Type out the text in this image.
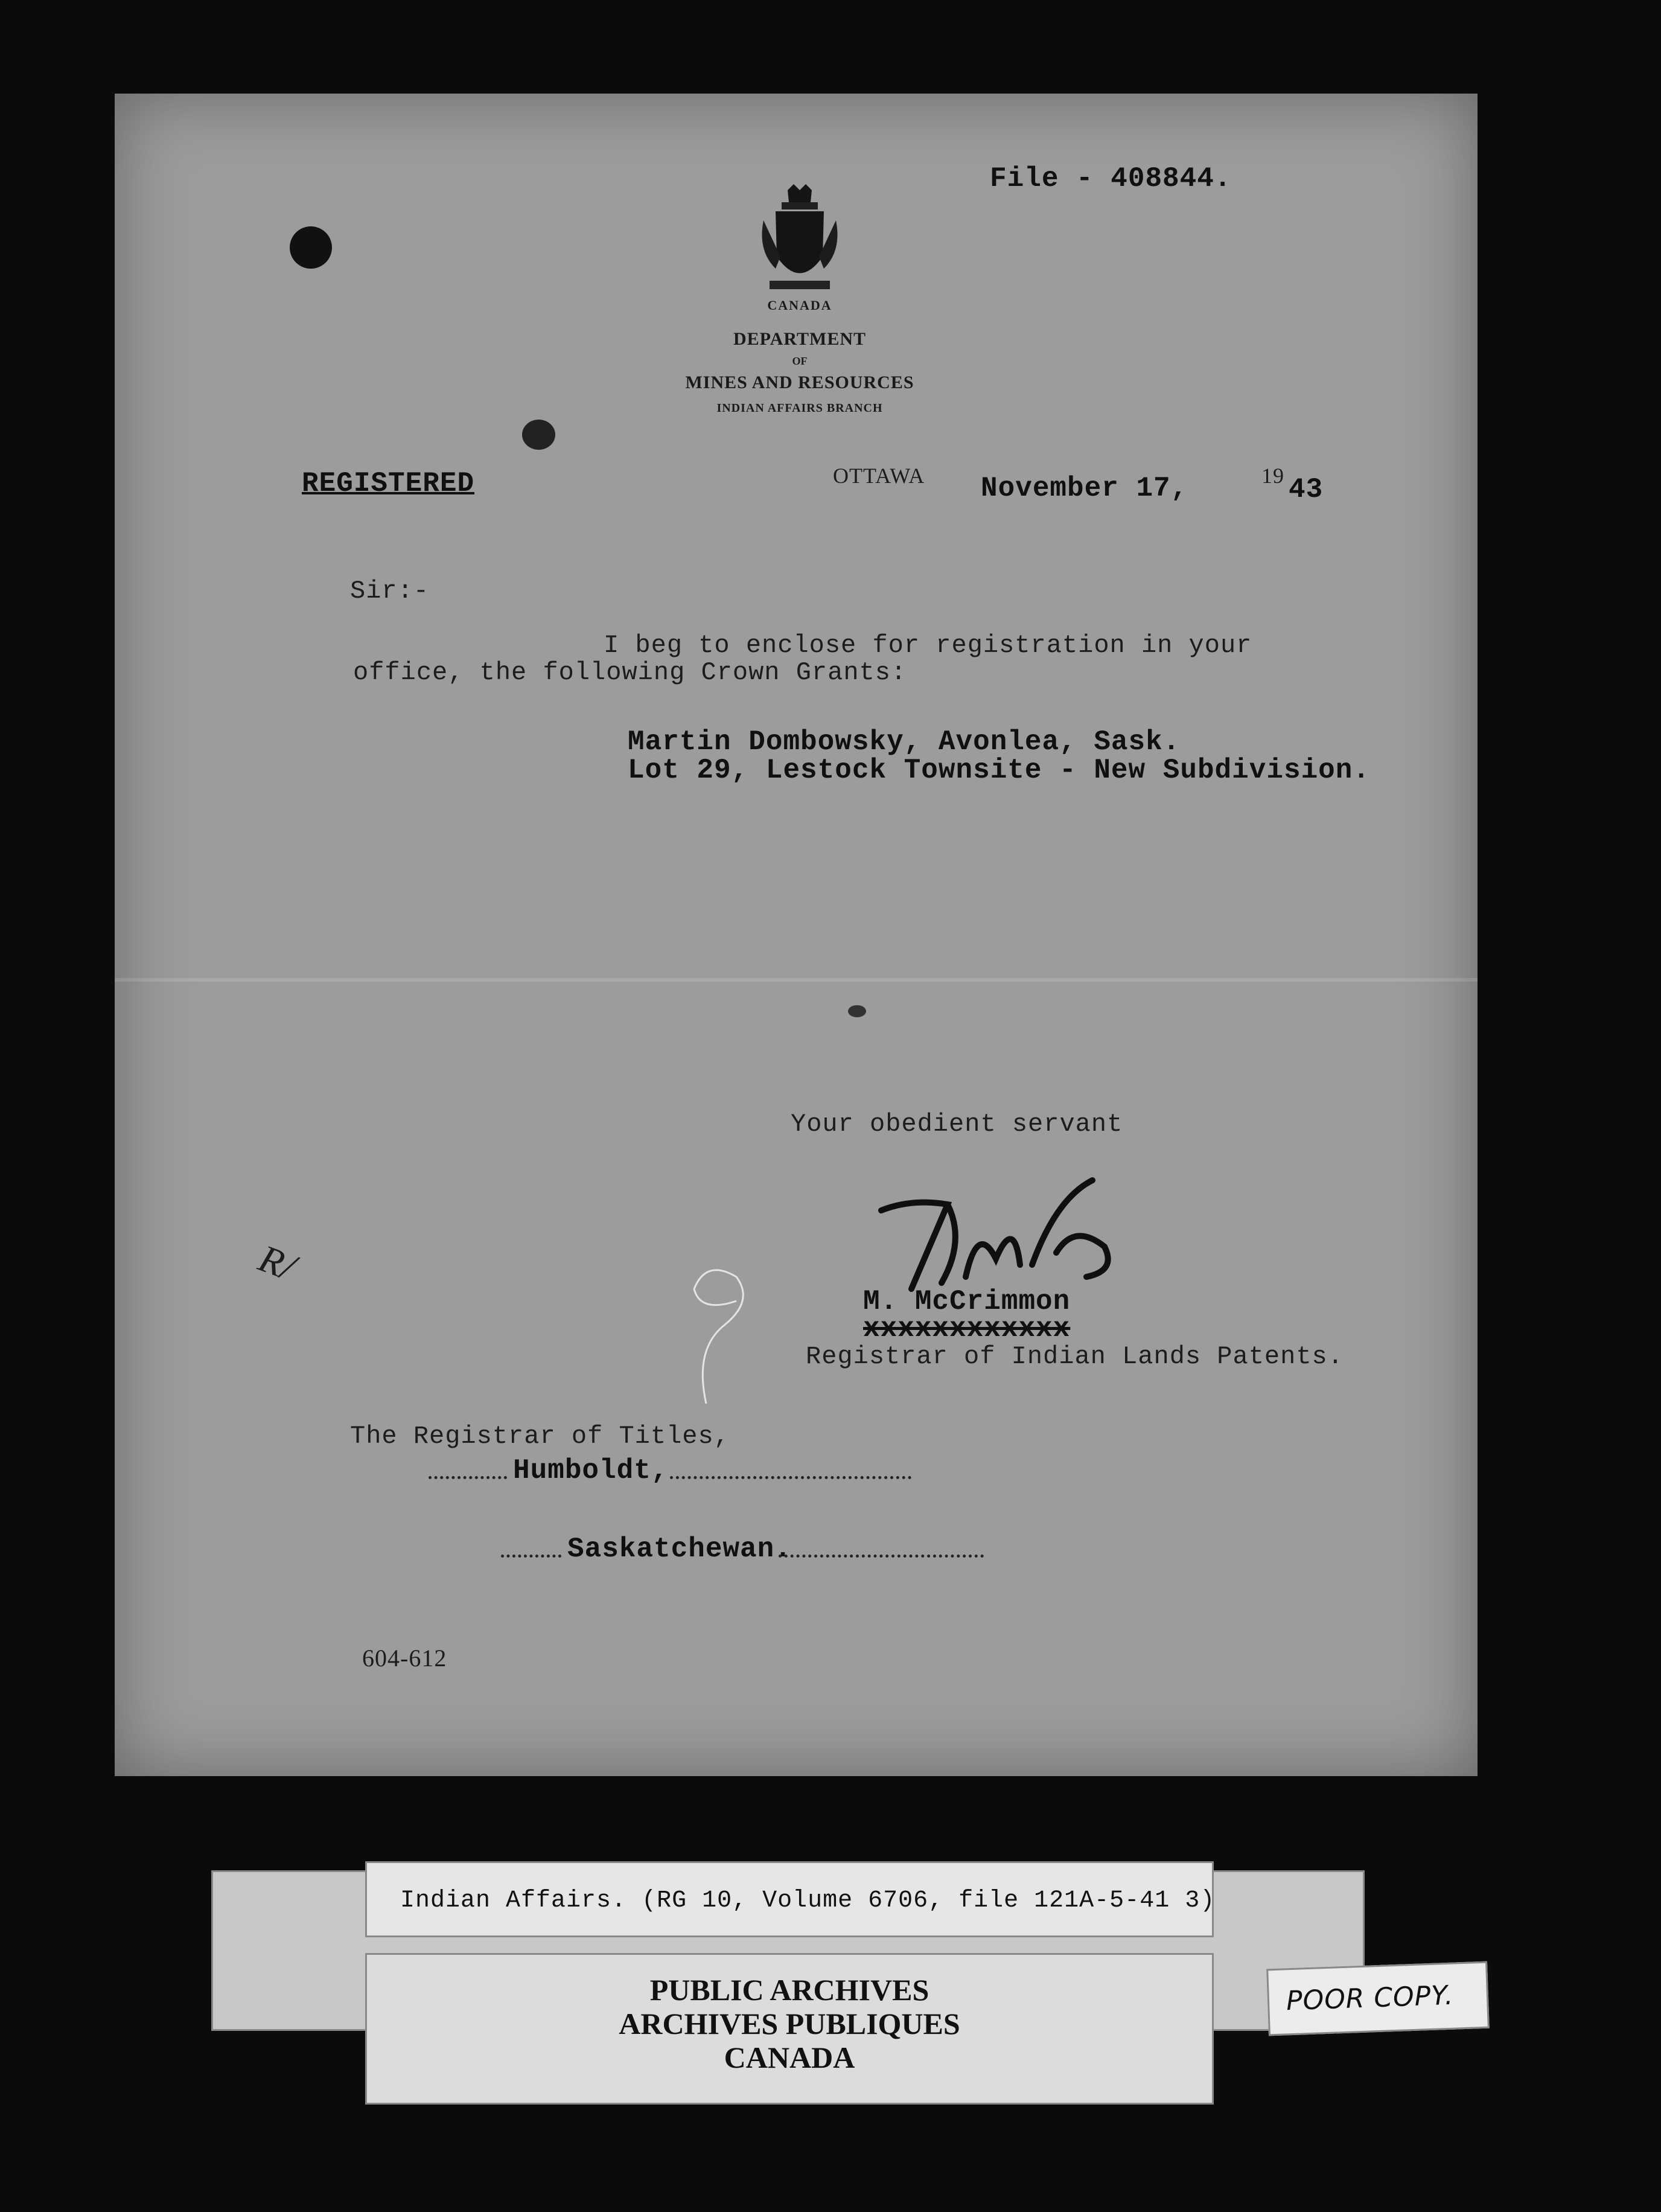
File - 408844.
CANADA
DEPARTMENT
OF
MINES AND RESOURCES
INDIAN AFFAIRS BRANCH
REGISTERED	OTTAWA November 17,	19 43
Sir:-
I beg to enclose for registration in your
office, the following Crown Grants:
Martin Dombowsky, Avonlea, Sask.
Lot 29, Lestock Townsite - New Subdivision.
Your obedient servant
M. McCrimmon
xxxxxxxxxxxx
Registrar of Indian Lands Patents.
R/
The Registrar of Titles,
Humboldt,
Saskatchewan.
604-612
Indian Affairs. (RG 10, Volume 6706, file 121A-5-41 3)
PUBLIC ARCHIVES
ARCHIVES PUBLIQUES
CANADA
POOR COPY.
